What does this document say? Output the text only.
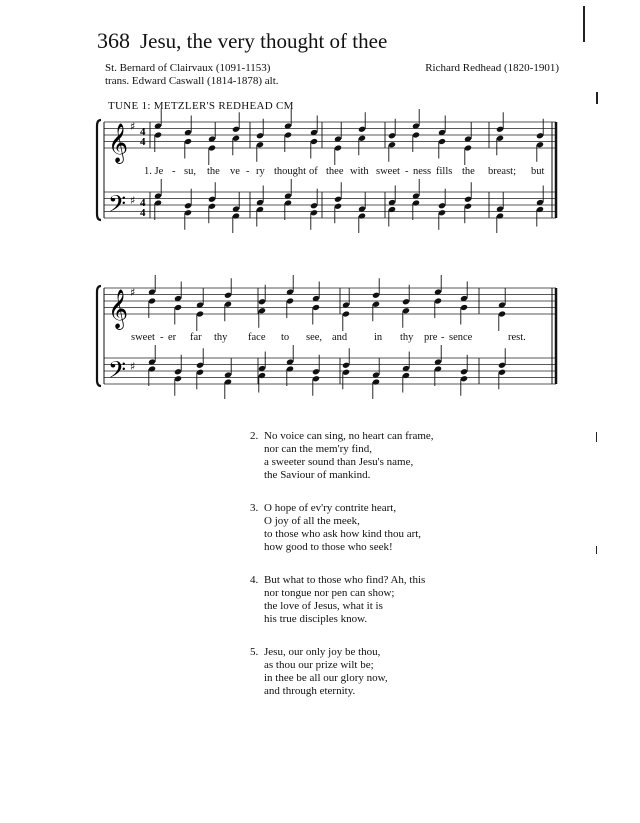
368 Jesu, the very thought of thee
St. Bernard of Clairvaux (1091-1153)
trans. Edward Caswall (1814-1878) alt.
Richard Redhead (1820-1901)
TUNE 1: METZLER'S REDHEAD CM
𝄞
𝄢
♯
♯
4
4
4
4
1. Je - su, the ve - ry thought of thee with sweet - ness fills the breast; but
𝄞
𝄢
♯
♯
sweet - er far thy face to see, and	in thy pre - sence	rest.
2. No voice can sing, no heart can frame,
nor can the mem'ry find,
a sweeter sound than Jesu's name,
the Saviour of mankind.
3. O hope of ev'ry contrite heart,
O joy of all the meek,
to those who ask how kind thou art,
how good to those who seek!
4. But what to those who find? Ah, this
nor tongue nor pen can show;
the love of Jesus, what it is
his true disciples know.
5. Jesu, our only joy be thou,
as thou our prize wilt be;
in thee be all our glory now,
and through eternity.
